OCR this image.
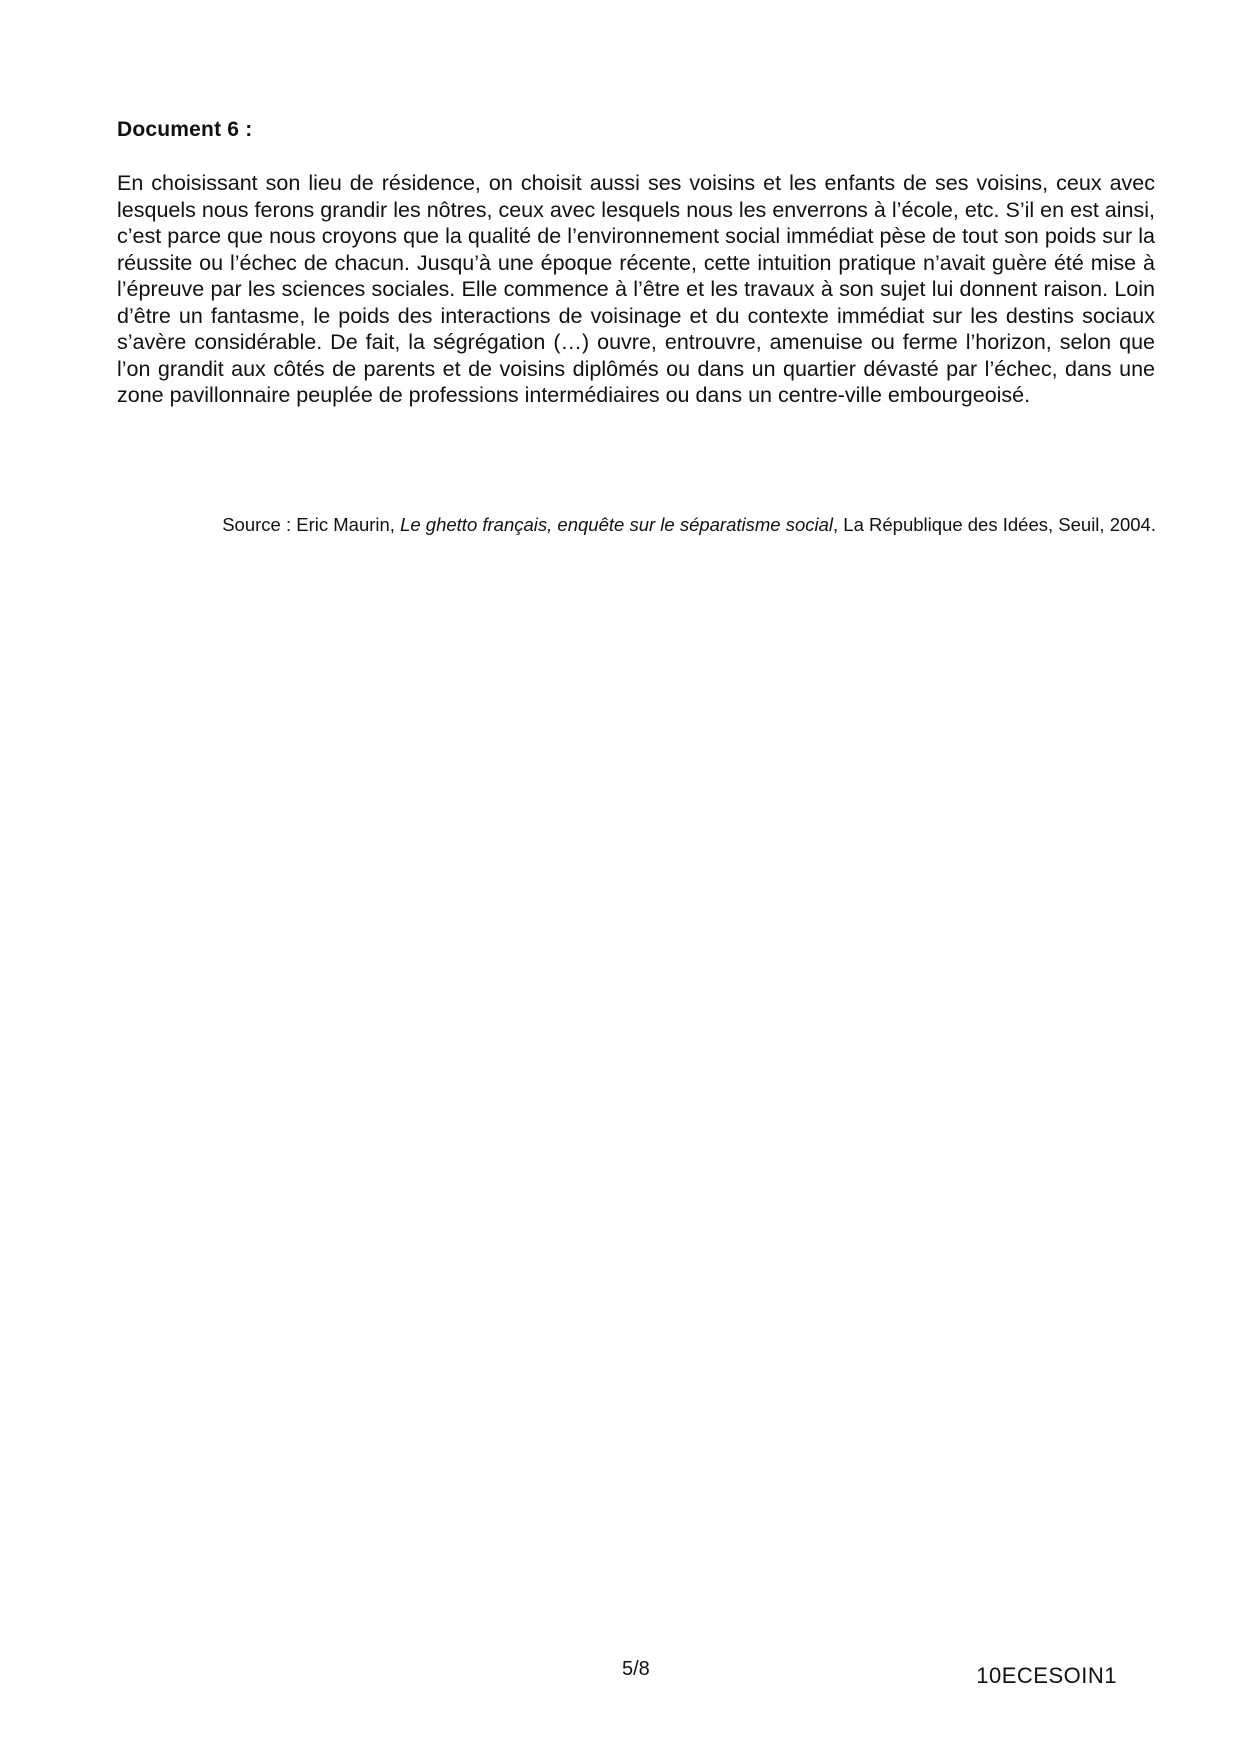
Document 6 :

En choisissant son lieu de résidence, on choisit aussi ses voisins et les enfants de ses voisins, ceux avec lesquels nous ferons grandir les nôtres, ceux avec lesquels nous les enverrons à l’école, etc. S’il en est ainsi, c’est parce que nous croyons que la qualité de l’environnement social immédiat pèse de tout son poids sur la réussite ou l’échec de chacun. Jusqu’à une époque récente, cette intuition pratique n’avait guère été mise à l’épreuve par les sciences sociales. Elle commence à l’être et les travaux à son sujet lui donnent raison. Loin d’être un fantasme, le poids des interactions de voisinage et du contexte immédiat sur les destins sociaux s’avère considérable. De fait, la ségrégation (…) ouvre, entrouvre, amenuise ou ferme l’horizon, selon que l’on grandit aux côtés de parents et de voisins diplômés ou dans un quartier dévasté par l’échec, dans une zone pavillonnaire peuplée de professions intermédiaires ou dans un centre-ville embourgeoisé.

Source : Eric Maurin, Le ghetto français, enquête sur le séparatisme social, La République des Idées, Seuil, 2004.
5/8	10ECESOIN1
